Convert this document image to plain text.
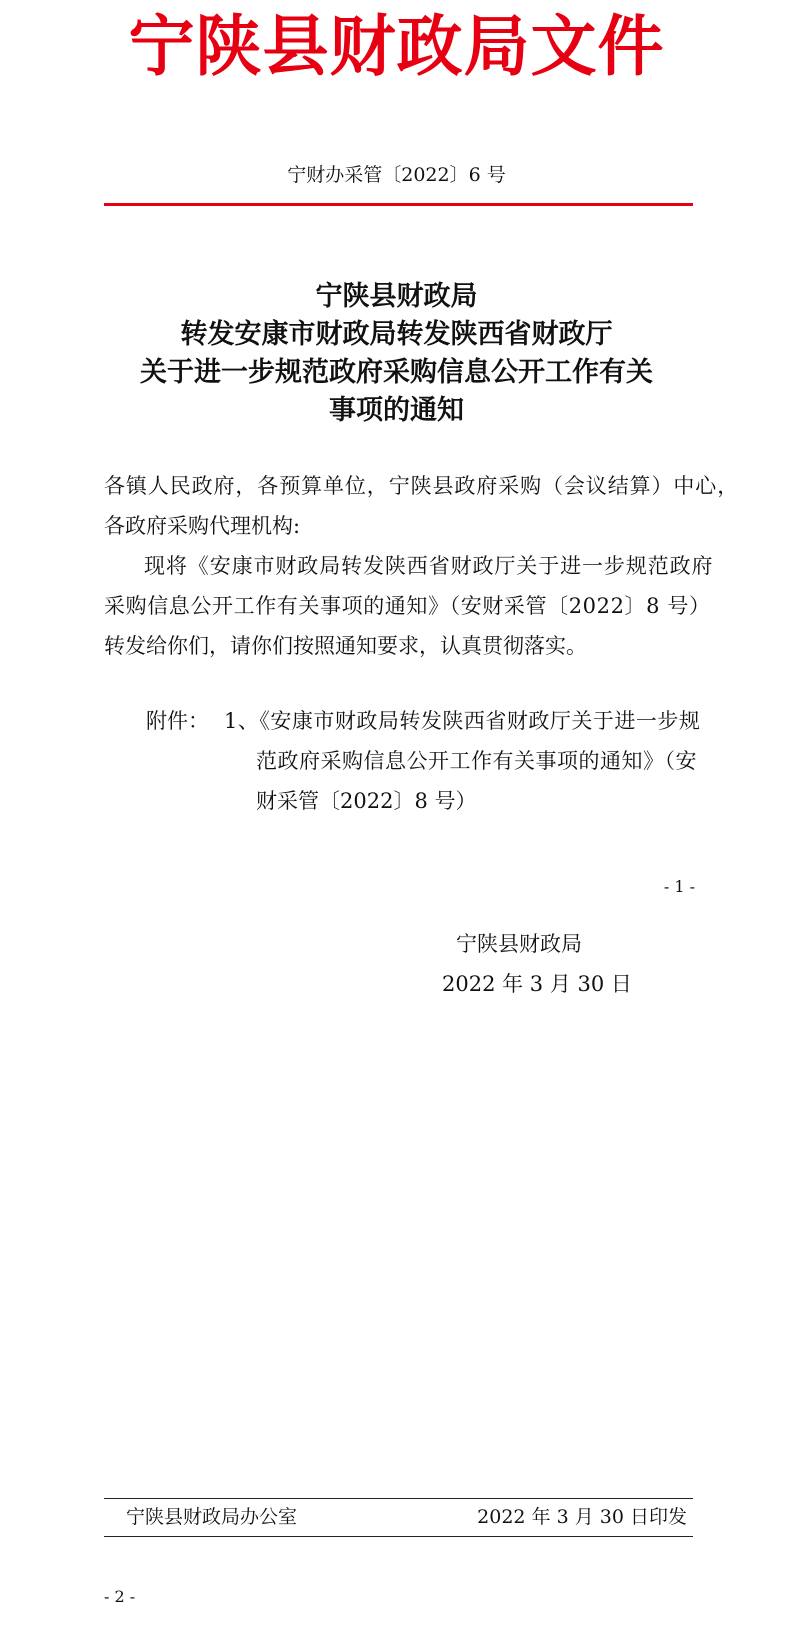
宁陕县财政局文件
宁财办采管〔2022〕6 号
宁陕县财政局
转发安康市财政局转发陕西省财政厅
关于进一步规范政府采购信息公开工作有关
事项的通知
各镇人民政府，各预算单位，宁陕县政府采购（会议结算）中心，
各政府采购代理机构:
现将《安康市财政局转发陕西省财政厅关于进一步规范政府
采购信息公开工作有关事项的通知》（安财采管〔2022〕8 号）
转发给你们，请你们按照通知要求，认真贯彻落实。
附件： 1、《安康市财政局转发陕西省财政厅关于进一步规
范政府采购信息公开工作有关事项的通知》（安
财采管〔2022〕8 号）
- 1 -
宁陕县财政局
2022 年 3 月 30 日
宁陕县财政局办公室	2022 年 3 月 30 日印发
- 2 -
